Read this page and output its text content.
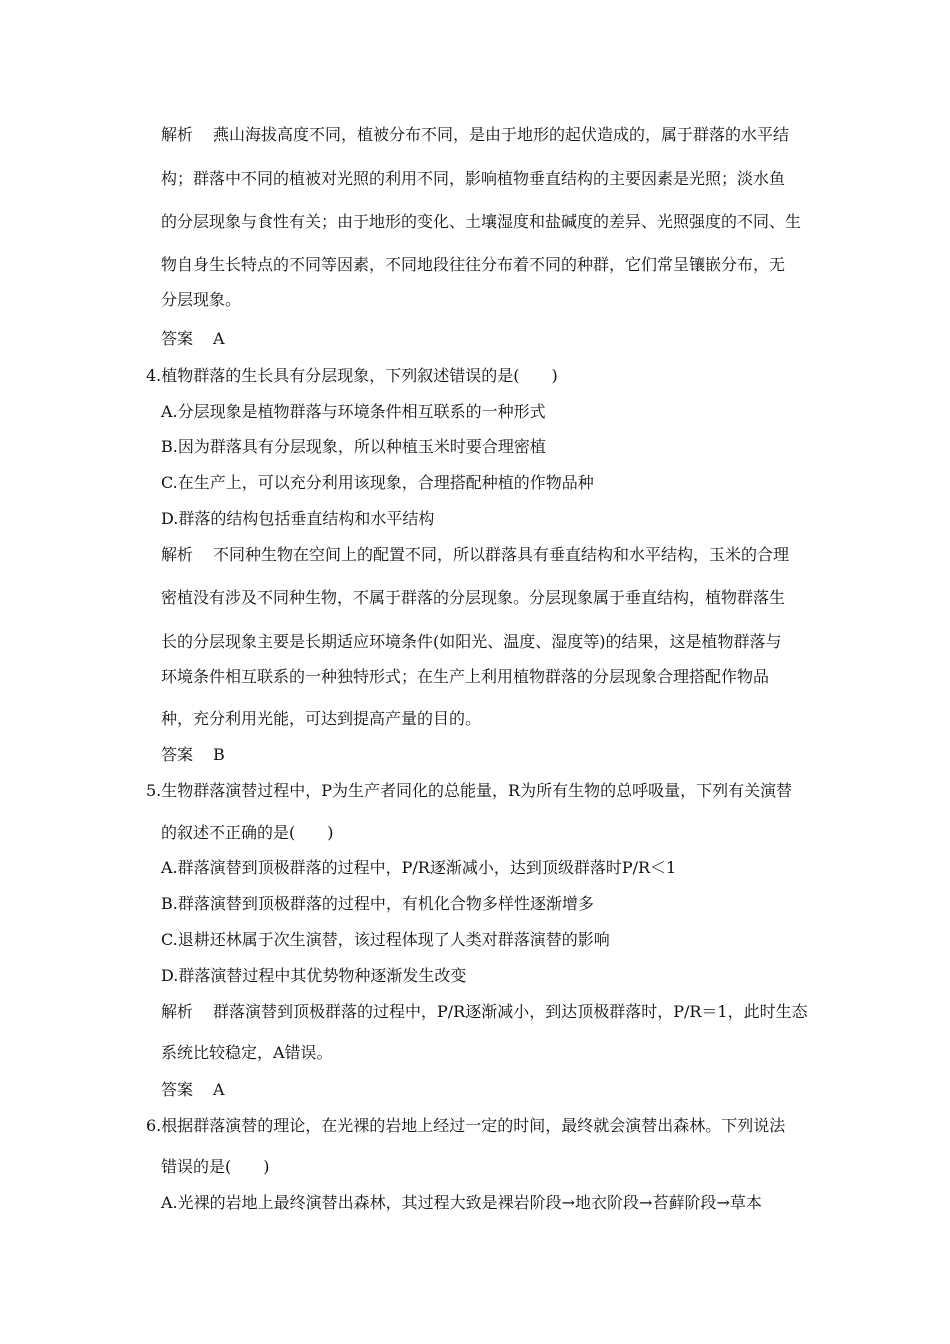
解析 燕山海拔高度不同，植被分布不同，是由于地形的起伏造成的，属于群落的水平结
构；群落中不同的植被对光照的利用不同，影响植物垂直结构的主要因素是光照；淡水鱼
的分层现象与食性有关；由于地形的变化、土壤湿度和盐碱度的差异、光照强度的不同、生
物自身生长特点的不同等因素，不同地段往往分布着不同的种群，它们常呈镶嵌分布，无
分层现象。
答案 A
4.植物群落的生长具有分层现象，下列叙述错误的是(　　)
A.分层现象是植物群落与环境条件相互联系的一种形式
B.因为群落具有分层现象，所以种植玉米时要合理密植
C.在生产上，可以充分利用该现象，合理搭配种植的作物品种
D.群落的结构包括垂直结构和水平结构
解析 不同种生物在空间上的配置不同，所以群落具有垂直结构和水平结构，玉米的合理
密植没有涉及不同种生物，不属于群落的分层现象。分层现象属于垂直结构，植物群落生
长的分层现象主要是长期适应环境条件(如阳光、温度、湿度等)的结果，这是植物群落与
环境条件相互联系的一种独特形式；在生产上利用植物群落的分层现象合理搭配作物品
种，充分利用光能，可达到提高产量的目的。
答案 B
5.生物群落演替过程中，P为生产者同化的总能量，R为所有生物的总呼吸量，下列有关演替
的叙述不正确的是(　　)
A.群落演替到顶极群落的过程中，P/R逐渐减小，达到顶级群落时P/R＜1
B.群落演替到顶极群落的过程中，有机化合物多样性逐渐增多
C.退耕还林属于次生演替，该过程体现了人类对群落演替的影响
D.群落演替过程中其优势物种逐渐发生改变
解析 群落演替到顶极群落的过程中，P/R逐渐减小，到达顶极群落时，P/R＝1，此时生态
系统比较稳定，A错误。
答案 A
6.根据群落演替的理论，在光裸的岩地上经过一定的时间，最终就会演替出森林。下列说法
错误的是(　　)
A.光裸的岩地上最终演替出森林，其过程大致是裸岩阶段→地衣阶段→苔藓阶段→草本
